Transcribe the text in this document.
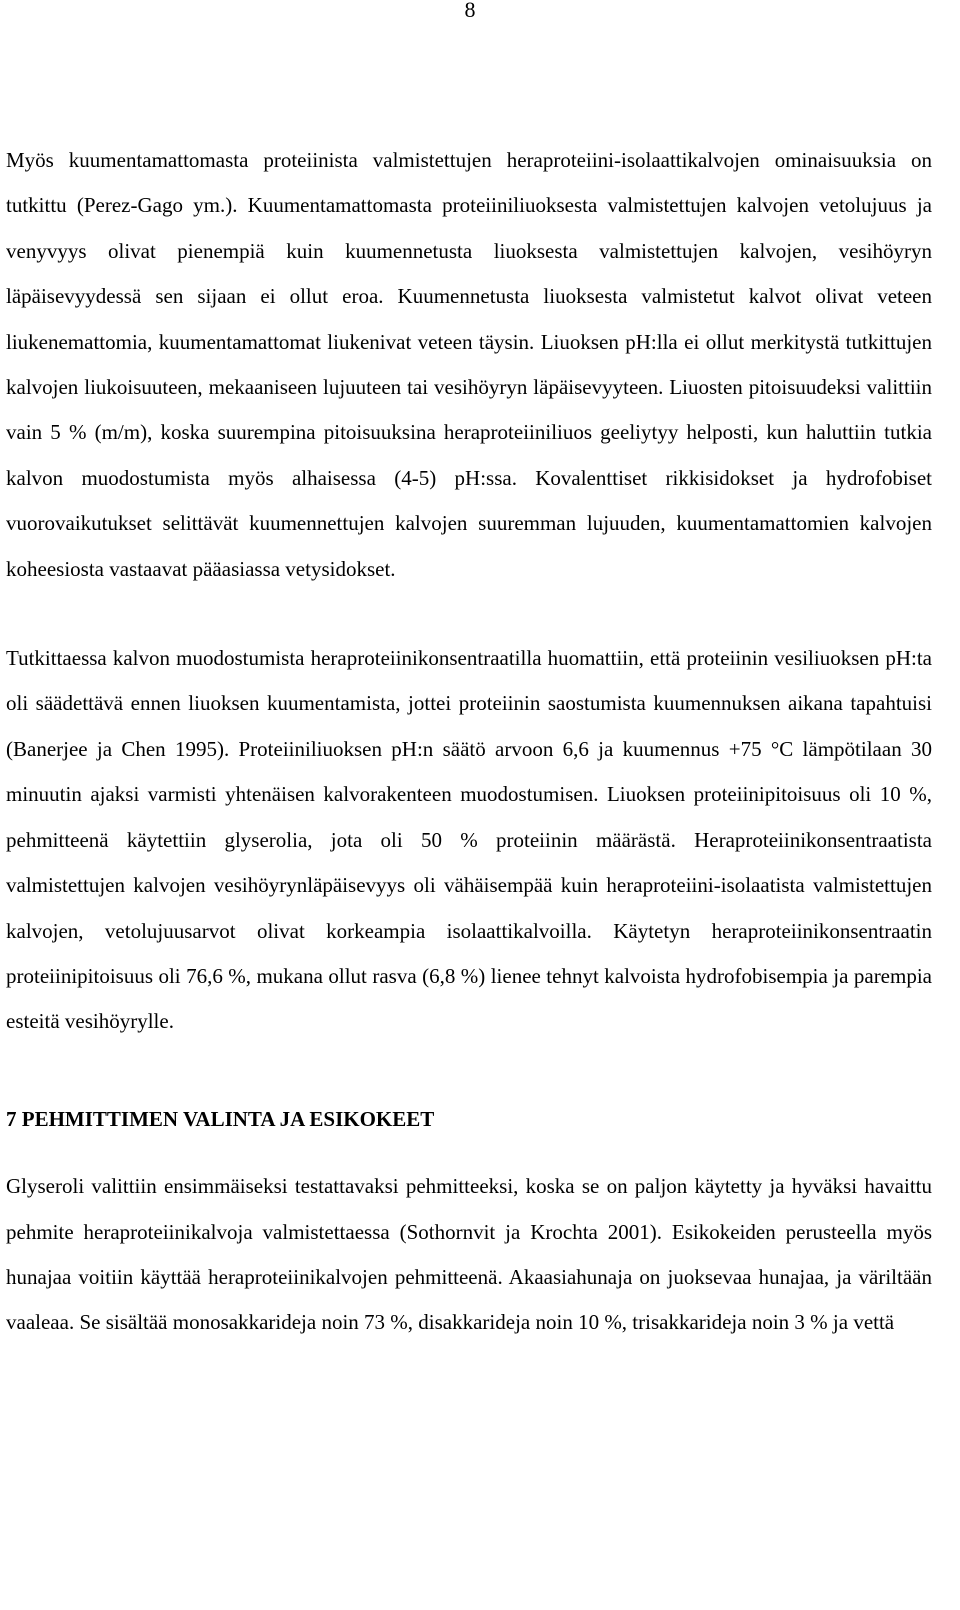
8

Myös kuumentamattomasta proteiinista valmistettujen heraproteiini-isolaattikalvojen ominaisuuksia on tutkittu (Perez-Gago ym.). Kuumentamattomasta proteiiniliuoksesta valmistettujen kalvojen vetolujuus ja venyvyys olivat pienempiä kuin kuumennetusta liuoksesta valmistettujen kalvojen, vesihöyryn läpäisevyydessä sen sijaan ei ollut eroa. Kuumennetusta liuoksesta valmistetut kalvot olivat veteen liukenemattomia, kuumentamattomat liukenivat veteen täysin. Liuoksen pH:lla ei ollut merkitystä tutkittujen kalvojen liukoisuuteen, mekaaniseen lujuuteen tai vesihöyryn läpäisevyyteen. Liuosten pitoisuudeksi valittiin vain 5 % (m/m), koska suurempina pitoisuuksina heraproteiiniliuos geeliytyy helposti, kun haluttiin tutkia kalvon muodostumista myös alhaisessa (4-5) pH:ssa. Kovalenttiset rikkisidokset ja hydrofobiset vuorovaikutukset selittävät kuumennettujen kalvojen suuremman lujuuden, kuumentamattomien kalvojen koheesiosta vastaavat pääasiassa vetysidokset.

Tutkittaessa kalvon muodostumista heraproteiinikonsentraatilla huomattiin, että proteiinin vesiliuoksen pH:ta oli säädettävä ennen liuoksen kuumentamista, jottei proteiinin saostumista kuumennuksen aikana tapahtuisi (Banerjee ja Chen 1995). Proteiiniliuoksen pH:n säätö arvoon 6,6 ja kuumennus +75 °C lämpötilaan 30 minuutin ajaksi varmisti yhtenäisen kalvorakenteen muodostumisen. Liuoksen proteiinipitoisuus oli 10 %, pehmitteenä käytettiin glyserolia, jota oli 50 % proteiinin määrästä. Heraproteiinikonsentraatista valmistettujen kalvojen vesihöyrynläpäisevyys oli vähäisempää kuin heraproteiini-isolaatista valmistettujen kalvojen, vetolujuusarvot olivat korkeampia isolaattikalvoilla. Käytetyn heraproteiinikonsentraatin proteiinipitoisuus oli 76,6 %, mukana ollut rasva (6,8 %) lienee tehnyt kalvoista hydrofobisempia ja parempia esteitä vesihöyrylle.

7 PEHMITTIMEN VALINTA JA ESIKOKEET

Glyseroli valittiin ensimmäiseksi testattavaksi pehmitteeksi, koska se on paljon käytetty ja hyväksi havaittu pehmite heraproteiinikalvoja valmistettaessa (Sothornvit ja Krochta 2001). Esikokeiden perusteella myös hunajaa voitiin käyttää heraproteiinikalvojen pehmitteenä. Akaasiahunaja on juoksevaa hunajaa, ja väriltään vaaleaa. Se sisältää monosakkarideja noin 73 %, disakkarideja noin 10 %, trisakkarideja noin 3 % ja vettä
